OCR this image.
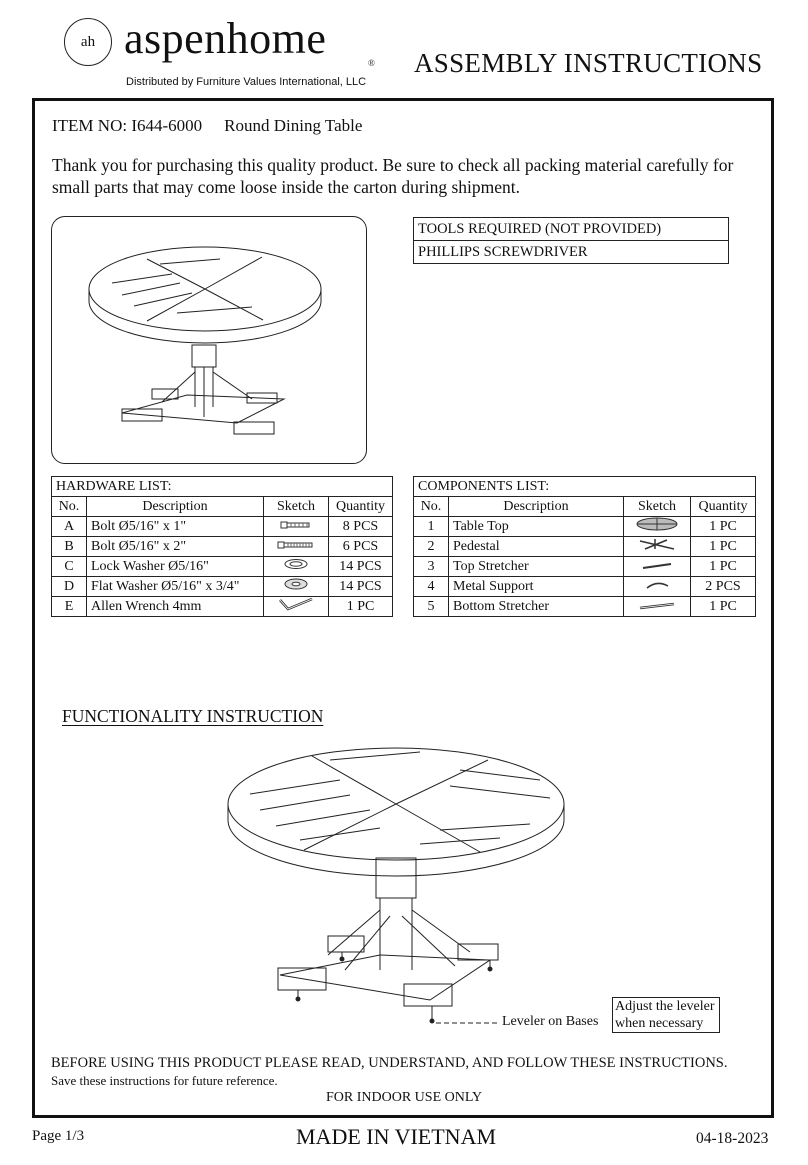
ah aspenhome	®
Distributed by Furniture Values International, LLC
ASSEMBLY INSTRUCTIONS
ITEM NO: I644-6000 Round Dining Table
Thank you for purchasing this quality product. Be sure to check all packing material carefully for small parts that may come loose inside the carton during shipment.
TOOLS REQUIRED (NOT PROVIDED)
PHILLIPS SCREWDRIVER
HARDWARE LIST:			
No.	Description	Sketch	Quantity
A	Bolt Ø5/16" x 1"		8 PCS
B	Bolt Ø5/16" x 2"		6 PCS
C	Lock Washer Ø5/16"		14 PCS
D	Flat Washer Ø5/16" x 3/4"		14 PCS
E	Allen Wrench 4mm		1 PC
COMPONENTS LIST:			
No.	Description	Sketch	Quantity
1	Table Top		1 PC
2	Pedestal		1 PC
3	Top Stretcher		1 PC
4	Metal Support		2 PCS
5	Bottom Stretcher		1 PC
FUNCTIONALITY INSTRUCTION
Leveler on Bases
Adjust the leveler
when necessary
BEFORE USING THIS PRODUCT PLEASE READ, UNDERSTAND, AND FOLLOW THESE INSTRUCTIONS.
Save these instructions for future reference.
FOR INDOOR USE ONLY
Page 1/3	MADE IN VIETNAM	04-18-2023
